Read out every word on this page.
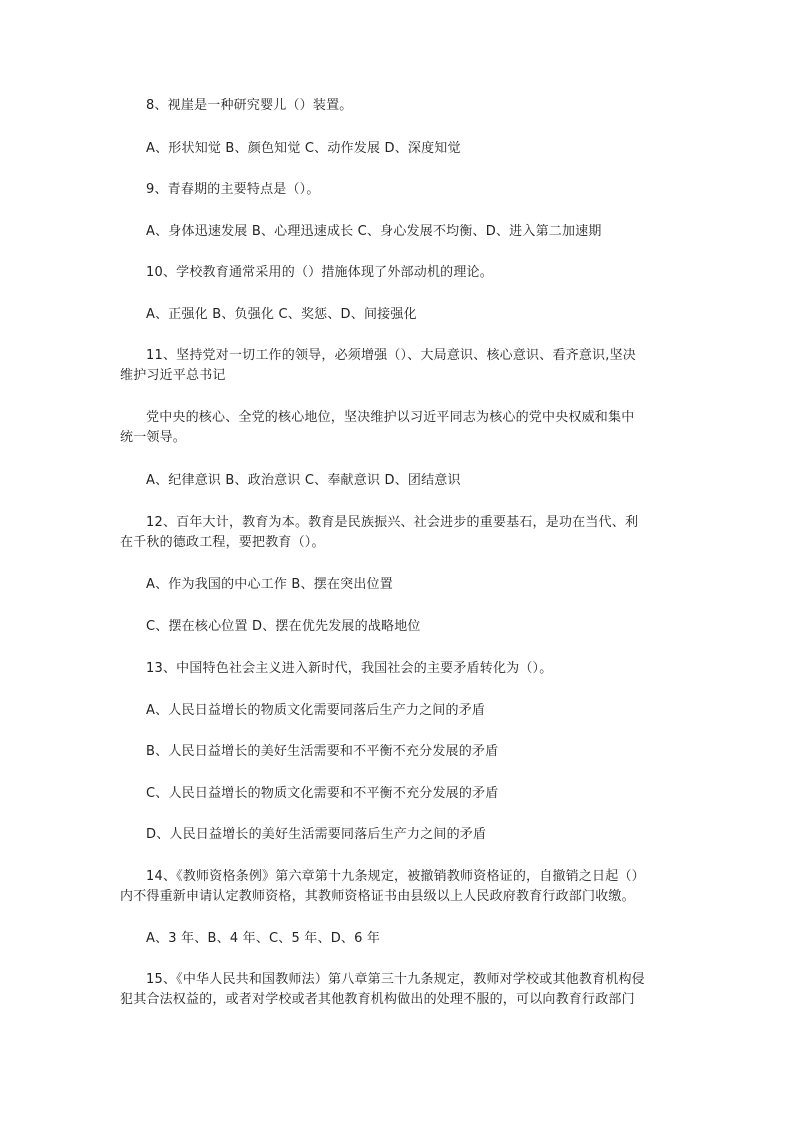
8、视崖是一种研究婴儿（）装置。

A、形状知觉 B、颜色知觉 C、动作发展 D、深度知觉

9、青春期的主要特点是（）。

A、身体迅速发展 B、心理迅速成长 C、身心发展不均衡、D、进入第二加速期

10、学校教育通常采用的（）措施体现了外部动机的理论。

A、正强化 B、负强化 C、奖惩、D、间接强化

11、坚持党对一切工作的领导，必须增强（）、大局意识、核心意识、看齐意识,坚决
维护习近平总书记
党中央的核心、全党的核心地位，坚决维护以习近平同志为核心的党中央权威和集中
统一领导。

A、纪律意识 B、政治意识 C、奉献意识 D、团结意识

12、百年大计，教育为本。教育是民族振兴、社会进步的重要基石，是功在当代、利
在千秋的德政工程，要把教育（）。

A、作为我国的中心工作 B、摆在突出位置

C、摆在核心位置 D、摆在优先发展的战略地位

13、中国特色社会主义进入新时代，我国社会的主要矛盾转化为（）。

A、人民日益增长的物质文化需要同落后生产力之间的矛盾

B、人民日益增长的美好生活需要和不平衡不充分发展的矛盾

C、人民日益增长的物质文化需要和不平衡不充分发展的矛盾

D、人民日益增长的美好生活需要同落后生产力之间的矛盾

14、《教师资格条例》第六章第十九条规定，被撤销教师资格证的，自撤销之日起（）
内不得重新申请认定教师资格，其教师资格证书由县级以上人民政府教育行政部门收缴。

A、3 年、B、4 年、C、5 年、D、6 年

15、《中华人民共和国教师法）第八章第三十九条规定，教师对学校或其他教育机构侵
犯其合法权益的，或者对学校或者其他教育机构做出的处理不服的，可以向教育行政部门
